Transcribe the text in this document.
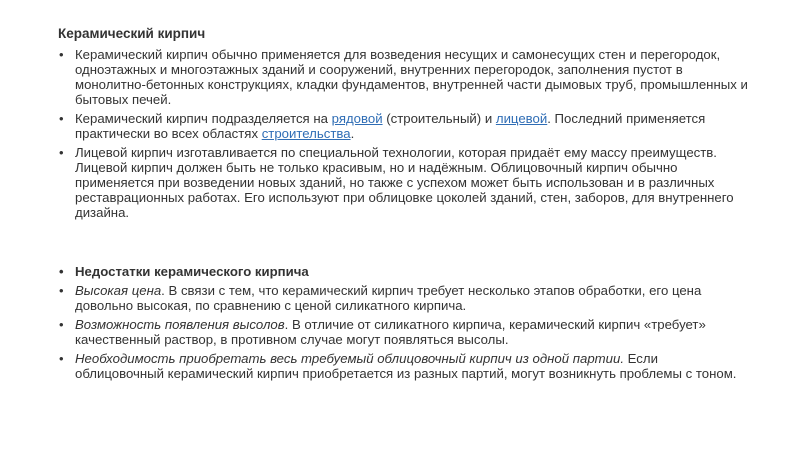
Керамический кирпич
• Керамический кирпич обычно применяется для возведения несущих и самонесущих стен и перегородок, одноэтажных и многоэтажных зданий и сооружений, внутренних перегородок, заполнения пустот в монолитно-бетонных конструкциях, кладки фундаментов, внутренней части дымовых труб, промышленных и бытовых печей.
• Керамический кирпич подразделяется на рядовой (строительный) и лицевой. Последний применяется практически во всех областях строительства.
• Лицевой кирпич изготавливается по специальной технологии, которая придаёт ему массу преимуществ. Лицевой кирпич должен быть не только красивым, но и надёжным. Облицовочный кирпич обычно применяется при возведении новых зданий, но также с успехом может быть использован и в различных реставрационных работах. Его используют при облицовке цоколей зданий, стен, заборов, для внутреннего дизайна.
• Недостатки керамического кирпича
• Высокая цена. В связи с тем, что керамический кирпич требует несколько этапов обработки, его цена довольно высокая, по сравнению с ценой силикатного кирпича.
• Возможность появления высолов. В отличие от силикатного кирпича, керамический кирпич «требует» качественный раствор, в противном случае могут появляться высолы.
• Необходимость приобретать весь требуемый облицовочный кирпич из одной партии. Если облицовочный керамический кирпич приобретается из разных партий, могут возникнуть проблемы с тоном.
